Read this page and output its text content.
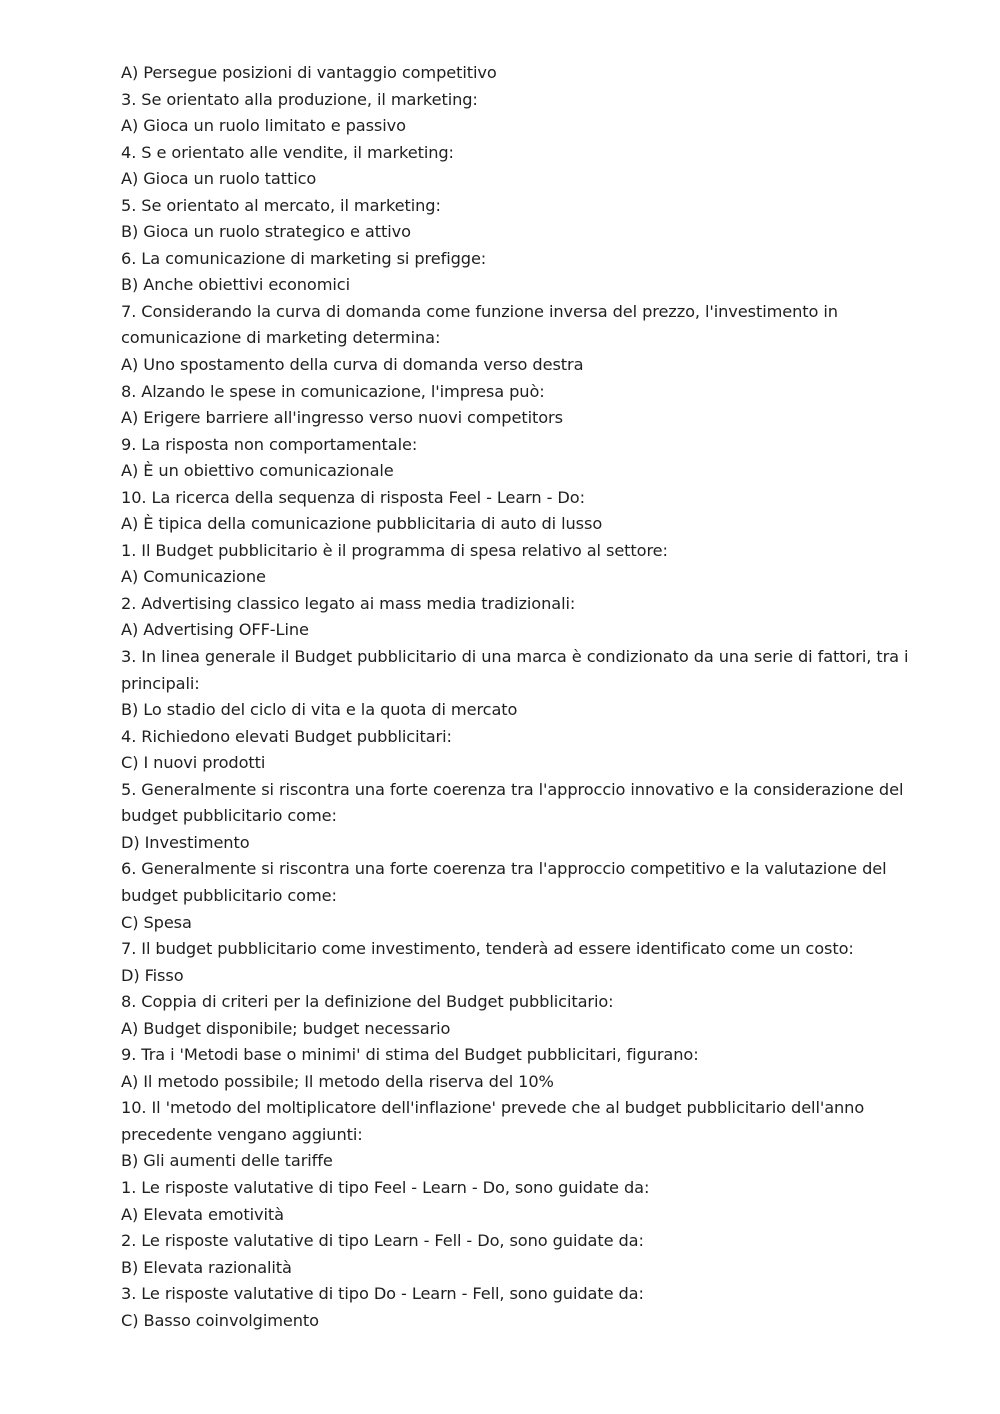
A) Persegue posizioni di vantaggio competitivo

3. Se orientato alla produzione, il marketing:

A) Gioca un ruolo limitato e passivo

4. S e orientato alle vendite, il marketing:

A) Gioca un ruolo tattico

5. Se orientato al mercato, il marketing:

B) Gioca un ruolo strategico e attivo

6. La comunicazione di marketing si prefigge:

B) Anche obiettivi economici

7. Considerando la curva di domanda come funzione inversa del prezzo, l'investimento in comunicazione di marketing determina:

A) Uno spostamento della curva di domanda verso destra

8. Alzando le spese in comunicazione, l'impresa può:

A) Erigere barriere all'ingresso verso nuovi competitors

9. La risposta non comportamentale:

A) È un obiettivo comunicazionale

10. La ricerca della sequenza di risposta Feel - Learn - Do:

A) È tipica della comunicazione pubblicitaria di auto di lusso

1. Il Budget pubblicitario è il programma di spesa relativo al settore:

A) Comunicazione

2. Advertising classico legato ai mass media tradizionali:

A) Advertising OFF-Line

3. In linea generale il Budget pubblicitario di una marca è condizionato da una serie di fattori, tra i principali:

B) Lo stadio del ciclo di vita e la quota di mercato

4. Richiedono elevati Budget pubblicitari:

C) I nuovi prodotti

5. Generalmente si riscontra una forte coerenza tra l'approccio innovativo e la considerazione del budget pubblicitario come:

D) Investimento

6. Generalmente si riscontra una forte coerenza tra l'approccio competitivo e la valutazione del budget pubblicitario come:

C) Spesa

7. Il budget pubblicitario come investimento, tenderà ad essere identificato come un costo:

D) Fisso

8. Coppia di criteri per la definizione del Budget pubblicitario:

A) Budget disponibile; budget necessario

9. Tra i 'Metodi base o minimi' di stima del Budget pubblicitari, figurano:

A) Il metodo possibile; Il metodo della riserva del 10%

10. Il 'metodo del moltiplicatore dell'inflazione' prevede che al budget pubblicitario dell'anno precedente vengano aggiunti:

B) Gli aumenti delle tariffe

1. Le risposte valutative di tipo Feel - Learn - Do, sono guidate da:

A) Elevata emotività

2. Le risposte valutative di tipo Learn - Fell - Do, sono guidate da:

B) Elevata razionalità

3. Le risposte valutative di tipo Do - Learn - Fell, sono guidate da:

C) Basso coinvolgimento
